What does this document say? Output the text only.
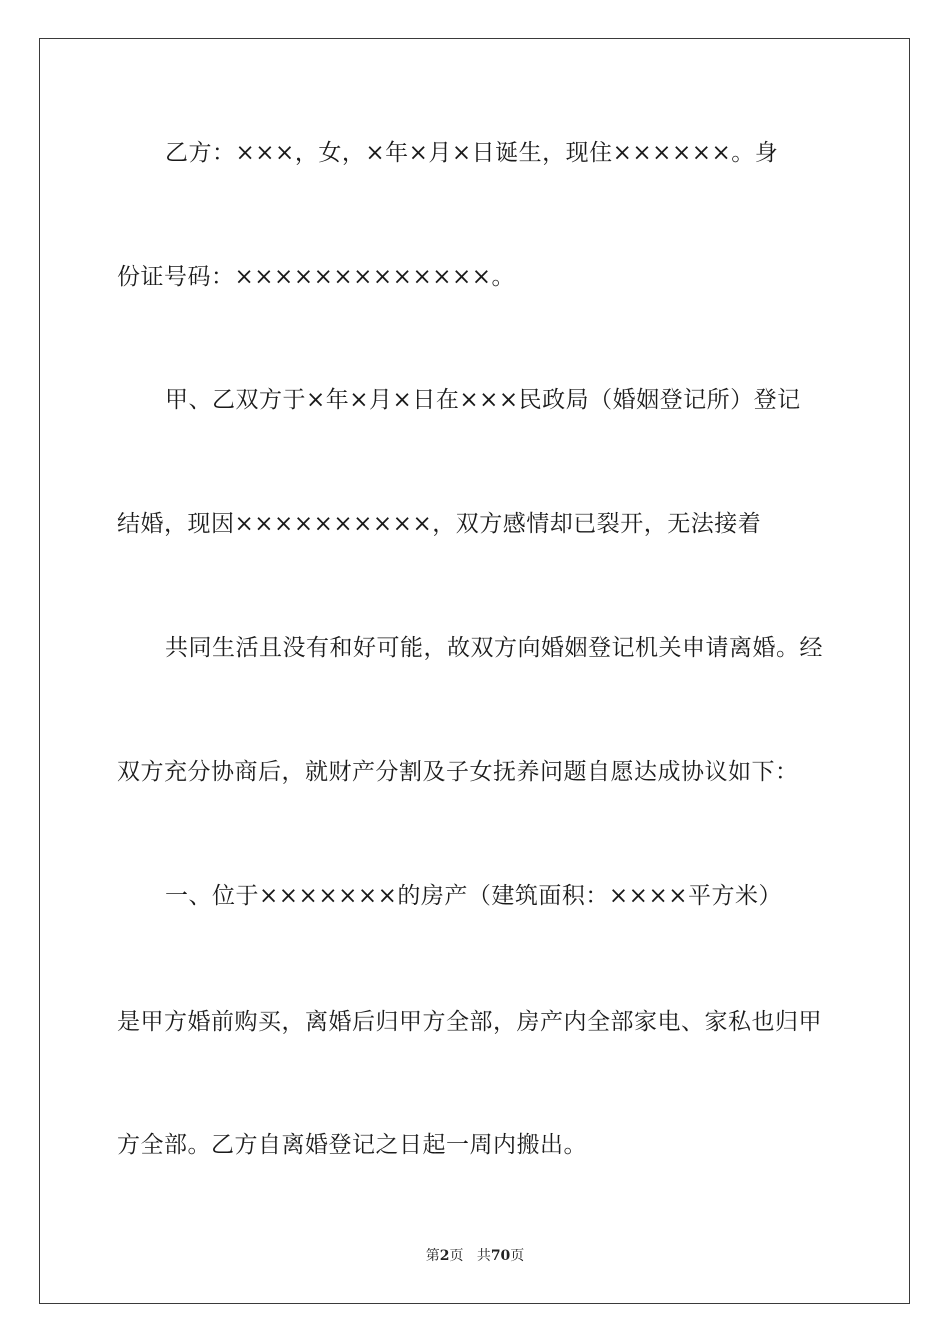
乙方：×××，女，×年×月×日诞生，现住××××××。身
份证号码：×××××××××××××。
甲、乙双方于×年×月×日在×××民政局（婚姻登记所）登记
结婚，现因××××××××××，双方感情却已裂开，无法接着
共同生活且没有和好可能，故双方向婚姻登记机关申请离婚。经
双方充分协商后，就财产分割及子女抚养问题自愿达成协议如下：
一、位于×××××××的房产（建筑面积：××××平方米）
是甲方婚前购买，离婚后归甲方全部，房产内全部家电、家私也归甲
方全部。乙方自离婚登记之日起一周内搬出。
第2页 共70页
